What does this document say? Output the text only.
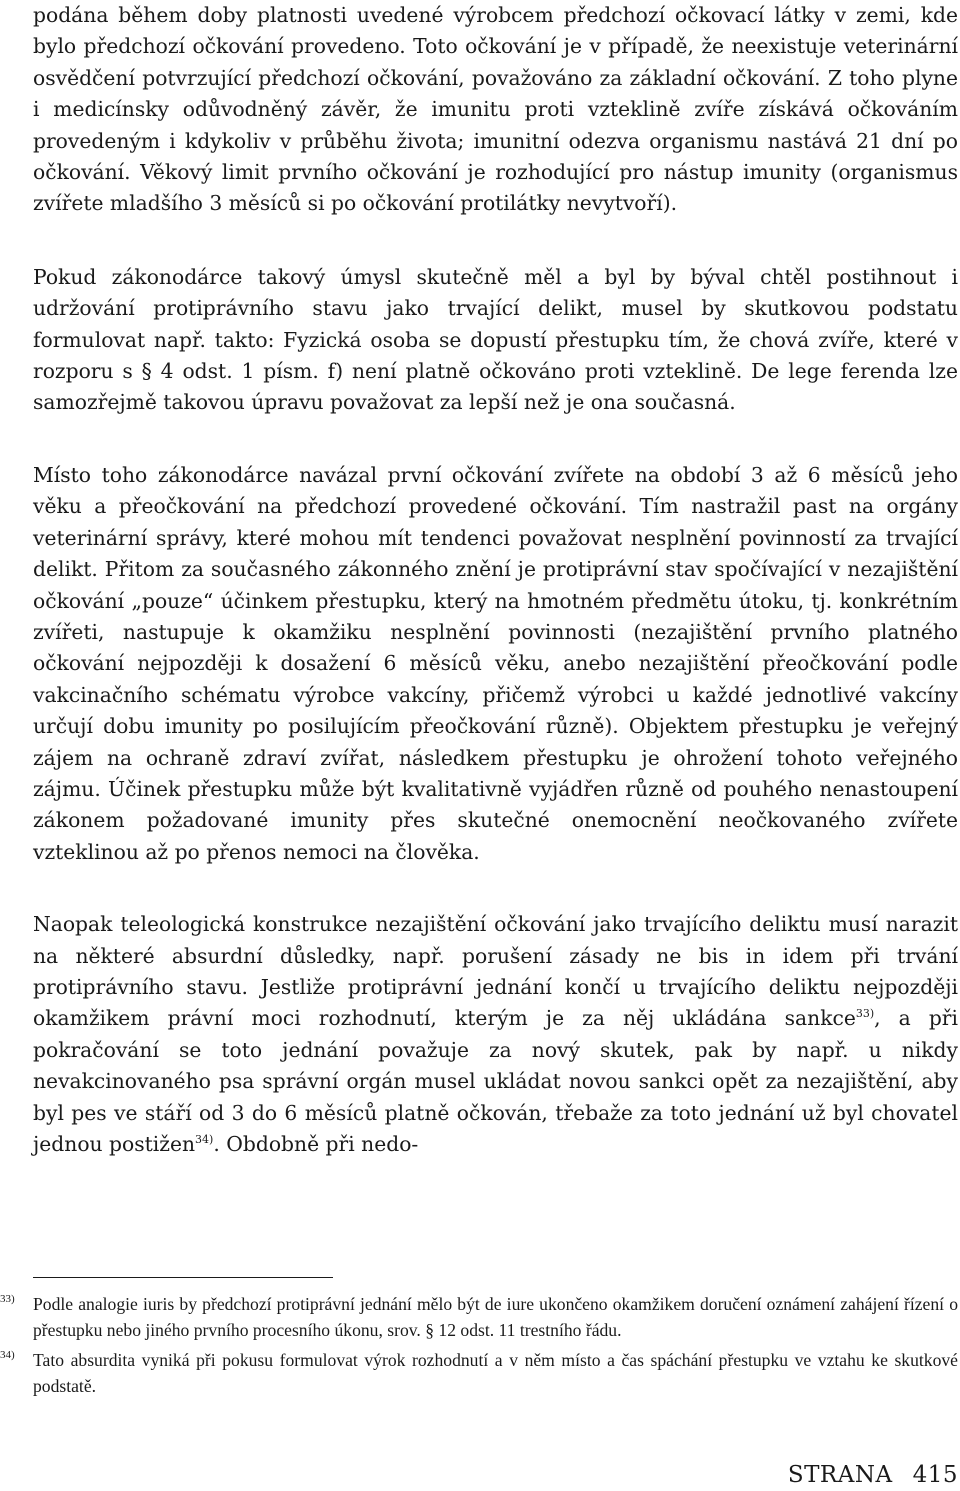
podána během doby platnosti uvedené výrobcem předchozí očkovací látky v zemi, kde bylo předchozí očkování provedeno. Toto očkování je v případě, že neexistuje veterinární osvědčení potvrzující předchozí očkování, považováno za základní očkování. Z toho plyne i medicínsky odůvodněný závěr, že imunitu proti vzteklině zvíře získává očkováním provedeným i kdykoliv v průběhu života; imunitní odezva organismu nastává 21 dní po očkování. Věkový limit prvního očkování je rozhodující pro nástup imunity (organismus zvířete mladšího 3 měsíců si po očkování protilátky nevytvoří).

Pokud zákonodárce takový úmysl skutečně měl a byl by býval chtěl postihnout i udržování protiprávního stavu jako trvající delikt, musel by skutkovou podstatu formulovat např. takto: Fyzická osoba se dopustí přestupku tím, že chová zvíře, které v rozporu s § 4 odst. 1 písm. f) není platně očkováno proti vzteklině. De lege ferenda lze samozřejmě takovou úpravu považovat za lepší než je ona současná.

Místo toho zákonodárce navázal první očkování zvířete na období 3 až 6 měsíců jeho věku a přeočkování na předchozí provedené očkování. Tím nastražil past na orgány veterinární správy, které mohou mít tendenci považovat nesplnění povinností za trvající delikt. Přitom za současného zákonného znění je protiprávní stav spočívající v nezajištění očkování „pouze“ účinkem přestupku, který na hmotném předmětu útoku, tj. konkrétním zvířeti, nastupuje k okamžiku nesplnění povinnosti (nezajištění prvního platného očkování nejpozději k dosažení 6 měsíců věku, anebo nezajištění přeočkování podle vakcinačního schématu výrobce vakcíny, přičemž výrobci u každé jednotlivé vakcíny určují dobu imunity po posilujícím přeočkování různě). Objektem přestupku je veřejný zájem na ochraně zdraví zvířat, následkem přestupku je ohrožení tohoto veřejného zájmu. Účinek přestupku může být kvalitativně vyjádřen různě od pouhého nenastoupení zákonem požadované imunity přes skutečné onemocnění neočkovaného zvířete vzteklinou až po přenos nemoci na člověka.

Naopak teleologická konstrukce nezajištění očkování jako trvajícího deliktu musí narazit na některé absurdní důsledky, např. porušení zásady ne bis in idem při trvání protiprávního stavu. Jestliže protiprávní jednání končí u trvajícího deliktu nejpozději okamžikem právní moci rozhodnutí, kterým je za něj ukládána sankce$^{33)}$, a při pokračování se toto jednání považuje za nový skutek, pak by např. u nikdy nevakcinovaného psa správní orgán musel ukládat novou sankci opět za nezajištění, aby byl pes ve stáří od 3 do 6 měsíců platně očkován, třebaže za toto jednání už byl chovatel jednou postižen$^{34)}$. Obdobně při nedo-

33) Podle analogie iuris by předchozí protiprávní jednání mělo být de iure ukončeno okamžikem doručení oznámení zahájení řízení o přestupku nebo jiného prvního procesního úkonu, srov. § 12 odst. 11 trestního řádu.

34) Tato absurdita vyniká při pokusu formulovat výrok rozhodnutí a v něm místo a čas spáchání přestupku ve vztahu ke skutkové podstatě.

STRANA 415
